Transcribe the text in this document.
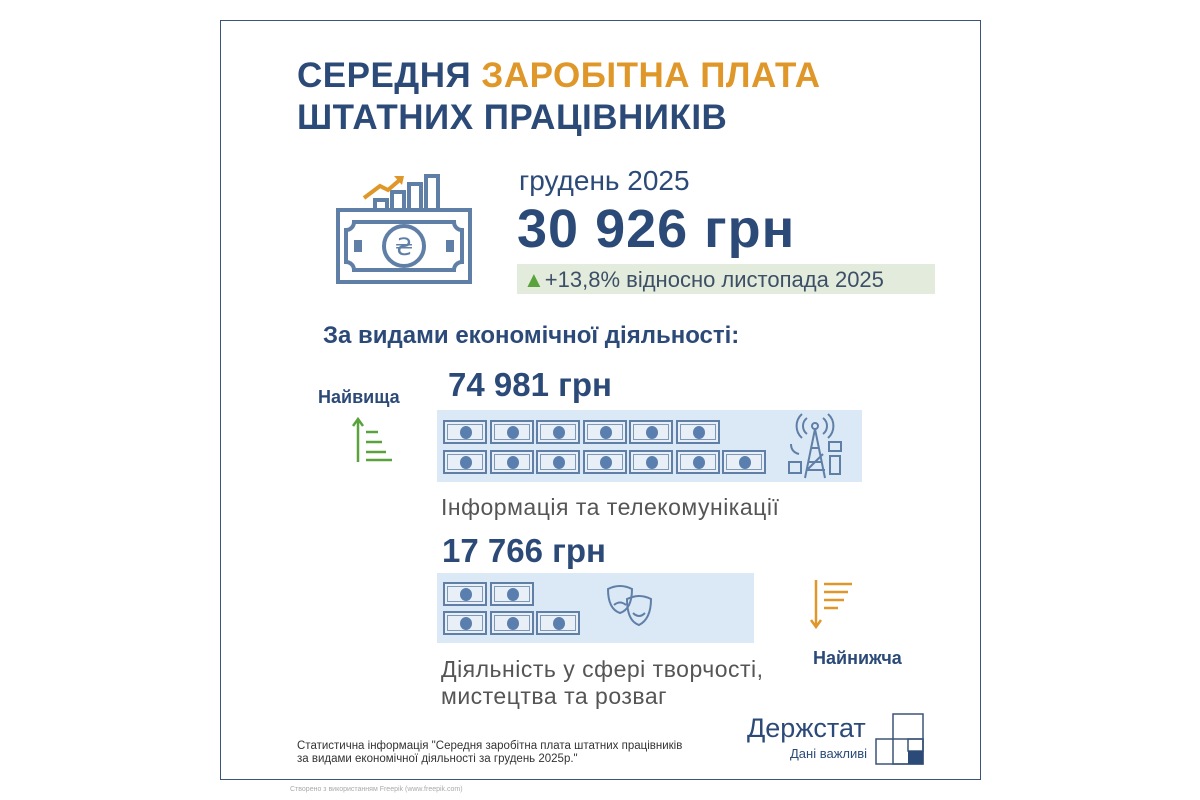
СЕРЕДНЯ ЗАРОБІТНА ПЛАТА
ШТАТНИХ ПРАЦІВНИКІВ
₴
грудень 2025
30 926 грн
▲+13,8% відносно листопада 2025
За видами економічної діяльності:
Найвища 74 981 грн
Інформація та телекомунікації
17 766 грн
Найнижча
Діяльність у сфері творчості,
мистецтва та розваг
Статистична інформація "Середня заробітна плата штатних працівників
за видами економічної діяльності за грудень 2025р."
Держстат
Дані важливі
Створено з використанням Freepik (www.freepik.com)
